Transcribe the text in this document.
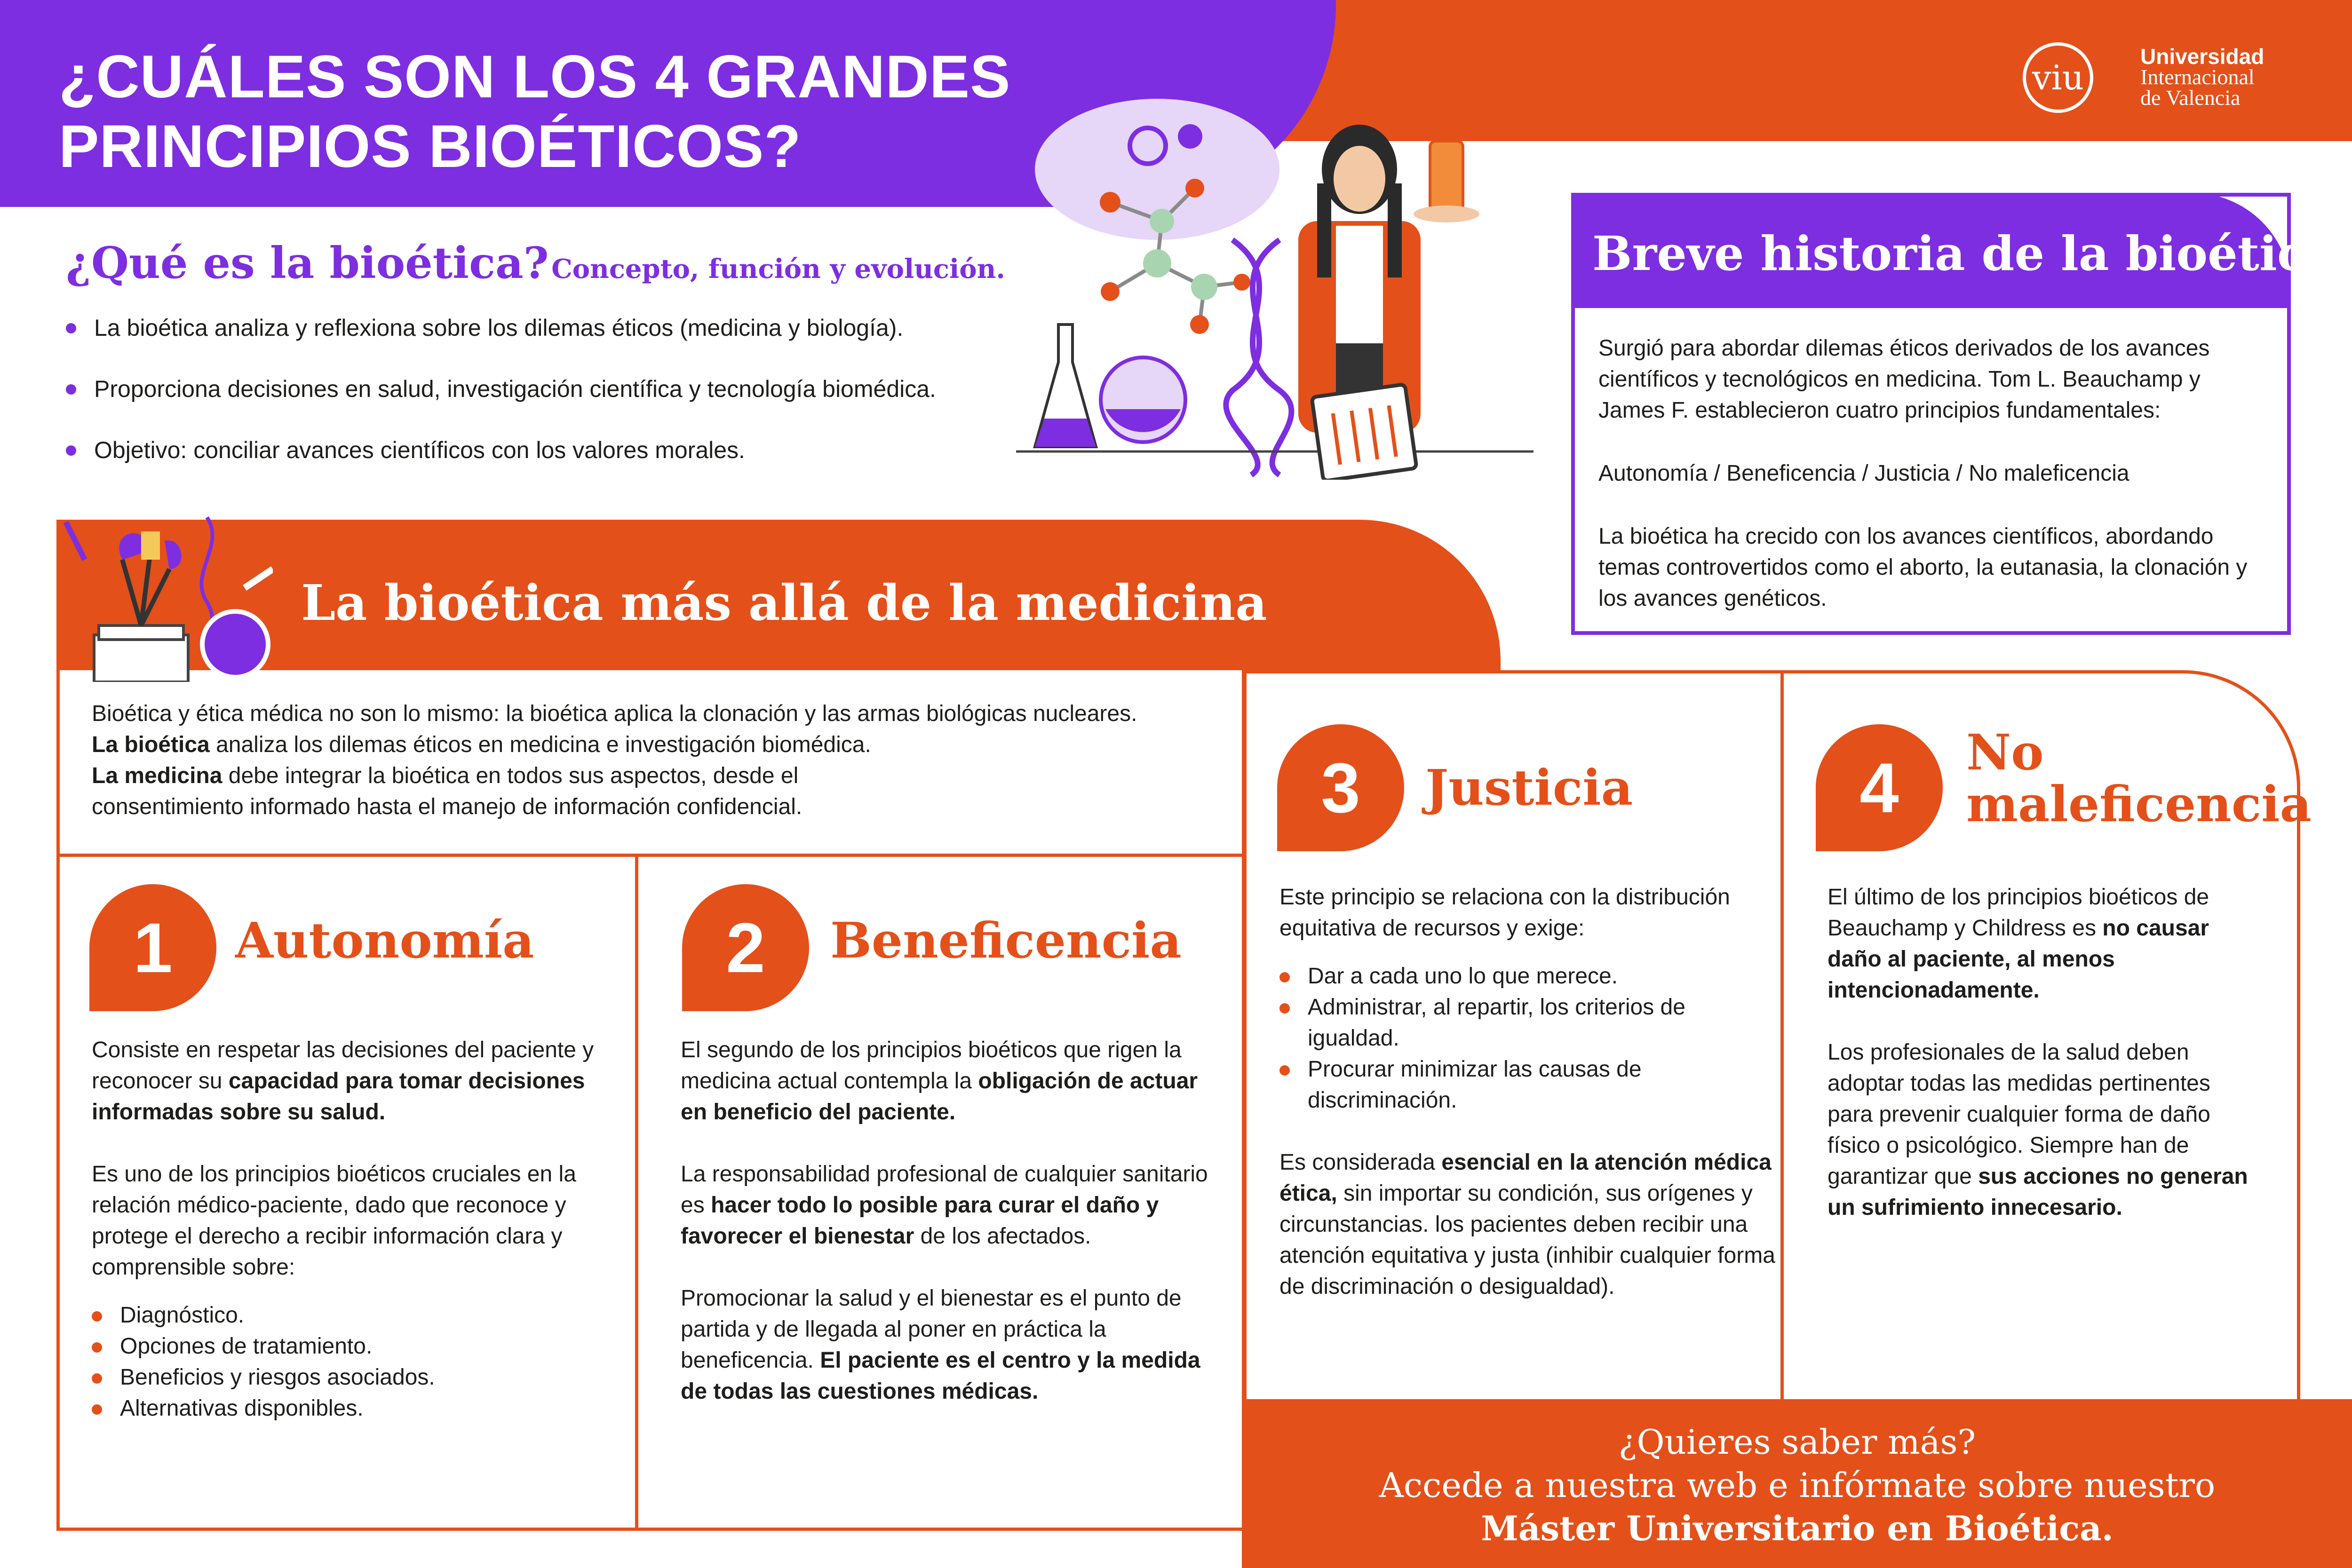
¿CUÁLES SON LOS 4 GRANDES
PRINCIPIOS BIOÉTICOS?
viu
Universidad
Internacional
de Valencia
¿Qué es la bioética? Concepto, función y evolución.
La bioética analiza y reflexiona sobre los dilemas éticos (medicina y biología).
Proporciona decisiones en salud, investigación científica y tecnología biomédica.
Objetivo: conciliar avances científicos con los valores morales.
Breve historia de la bioética

Surgió para abordar dilemas éticos derivados de los avances científicos y tecnológicos en medicina. Tom L. Beauchamp y James F. establecieron cuatro principios fundamentales:

Autonomía / Beneficencia / Justicia / No maleficencia

La bioética ha crecido con los avances científicos, abordando temas controvertidos como el aborto, la eutanasia, la clonación y los avances genéticos.

La bioética más allá de la medicina
Bioética y ética médica no son lo mismo: la bioética aplica la clonación y las armas biológicas nucleares.
La bioética analiza los dilemas éticos en medicina e investigación biomédica.
La medicina debe integrar la bioética en todos sus aspectos, desde el consentimiento informado hasta el manejo de información confidencial.
1	Autonomía

Consiste en respetar las decisiones del paciente y reconocer su capacidad para tomar decisiones informadas sobre su salud.

Es uno de los principios bioéticos cruciales en la relación médico-paciente, dado que reconoce y protege el derecho a recibir información clara y comprensible sobre:

Diagnóstico.
Opciones de tratamiento.
Beneficios y riesgos asociados.
Alternativas disponibles.
2	Beneficencia

El segundo de los principios bioéticos que rigen la medicina actual contempla la obligación de actuar en beneficio del paciente.

La responsabilidad profesional de cualquier sanitario es hacer todo lo posible para curar el daño y favorecer el bienestar de los afectados.

Promocionar la salud y el bienestar es el punto de partida y de llegada al poner en práctica la beneficencia. El paciente es el centro y la medida de todas las cuestiones médicas.

3	Justicia

Este principio se relaciona con la distribución equitativa de recursos y exige:

Dar a cada uno lo que merece.
Administrar, al repartir, los criterios de igualdad.
Procurar minimizar las causas de discriminación.

Es considerada esencial en la atención médica ética, sin importar su condición, sus orígenes y circunstancias. los pacientes deben recibir una atención equitativa y justa (inhibir cualquier forma de discriminación o desigualdad).

4	No
maleficencia

El último de los principios bioéticos de Beauchamp y Childress es no causar daño al paciente, al menos intencionadamente.

Los profesionales de la salud deben adoptar todas las medidas pertinentes para prevenir cualquier forma de daño físico o psicológico. Siempre han de garantizar que sus acciones no generan un sufrimiento innecesario.

¿Quieres saber más?
Accede a nuestra web e infórmate sobre nuestro
Máster Universitario en Bioética.
